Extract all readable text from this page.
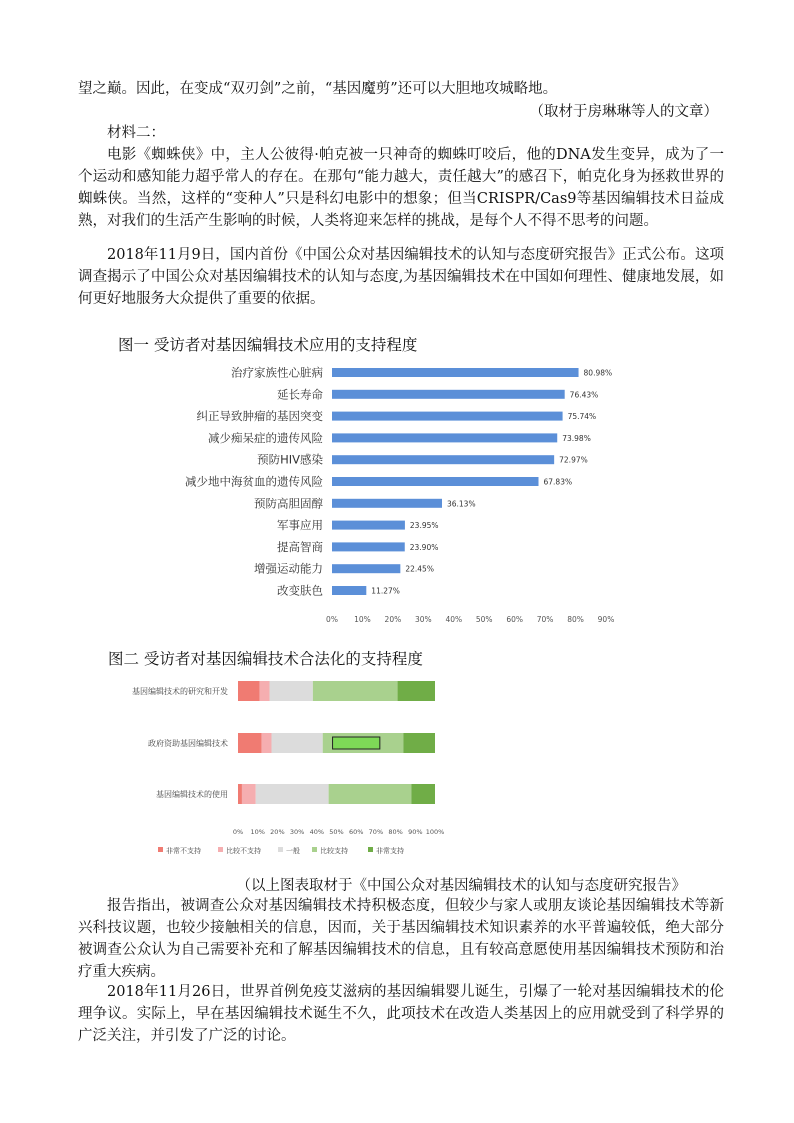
望之巅。因此，在变成“双刃剑”之前，“基因魔剪”还可以大胆地攻城略地。

（取材于房琳琳等人的文章）

材料二：

电影《蜘蛛侠》中，主人公彼得·帕克被一只神奇的蜘蛛叮咬后，他的DNA发生变异，成为了一个运动和感知能力超乎常人的存在。在那句“能力越大，责任越大”的感召下，帕克化身为拯救世界的蜘蛛侠。当然，这样的“变种人”只是科幻电影中的想象；但当CRISPR/Cas9等基因编辑技术日益成熟，对我们的生活产生影响的时候，人类将迎来怎样的挑战，是每个人不得不思考的问题。

2018年11月9日，国内首份《中国公众对基因编辑技术的认知与态度研究报告》正式公布。这项调查揭示了中国公众对基因编辑技术的认知与态度,为基因编辑技术在中国如何理性、健康地发展，如何更好地服务大众提供了重要的依据。

图一 受访者对基因编辑技术应用的支持程度
治疗家族性心脏病	80.98%
延长寿命	76.43%
纠正导致肿瘤的基因突变	75.74%
减少痴呆症的遗传风险	73.98%
预防HIV感染	72.97%
减少地中海贫血的遗传风险	67.83%
预防高胆固醇	36.13%
军事应用	23.95%
提高智商	23.90%
增强运动能力	22.45%
改变肤色	11.27%
0% 10% 20% 30% 40% 50% 60% 70% 80% 90%
图二 受访者对基因编辑技术合法化的支持程度
基因编辑技术的研究和开发
政府资助基因编辑技术
基因编辑技术的使用
0% 10% 20% 30% 40% 50% 60% 70% 80% 90% 100%
非常不支持	比较不支持	一般	比较支持	非常支持
（以上图表取材于《中国公众对基因编辑技术的认知与态度研究报告》

报告指出，被调查公众对基因编辑技术持积极态度，但较少与家人或朋友谈论基因编辑技术等新兴科技议题，也较少接触相关的信息，因而，关于基因编辑技术知识素养的水平普遍较低，绝大部分被调查公众认为自己需要补充和了解基因编辑技术的信息，且有较高意愿使用基因编辑技术预防和治疗重大疾病。

2018年11月26日，世界首例免疫艾滋病的基因编辑婴儿诞生，引爆了一轮对基因编辑技术的伦理争议。实际上，早在基因编辑技术诞生不久，此项技术在改造人类基因上的应用就受到了科学界的广泛关注，并引发了广泛的讨论。
